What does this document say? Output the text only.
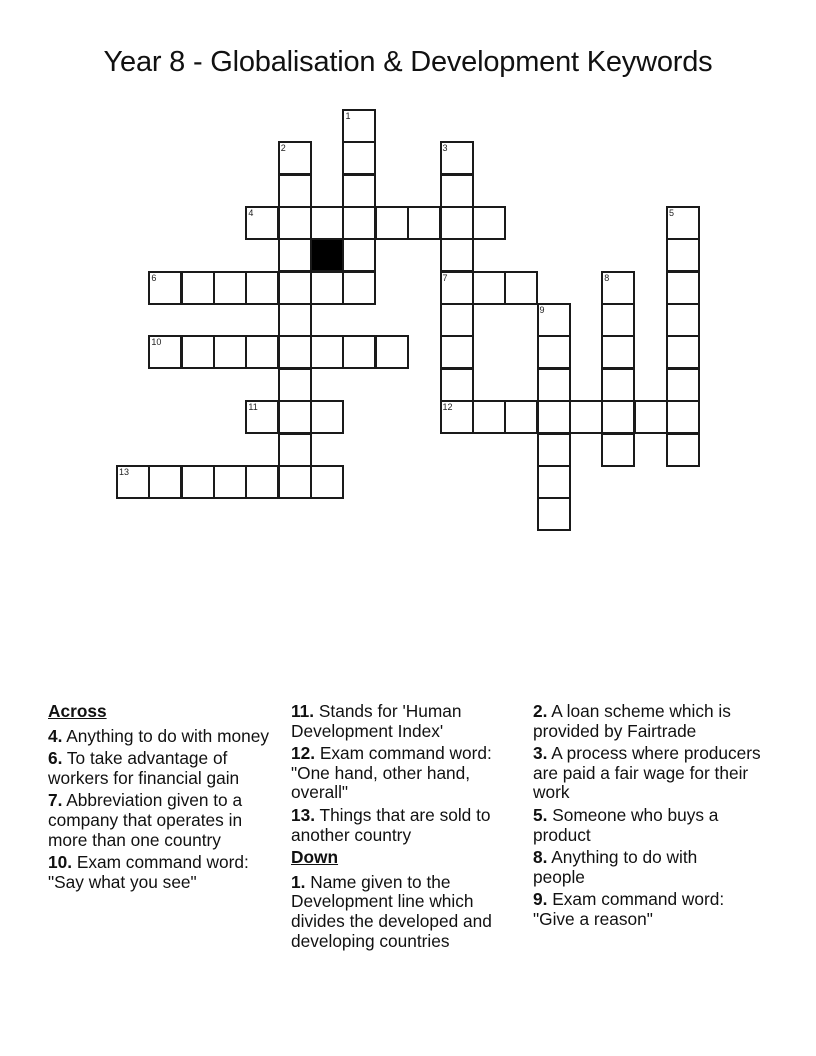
Year 8 - Globalisation & Development Keywords
1
2	3
4	5
6	7	8
9
10
11	12
13
Across
4. Anything to do with money
6. To take advantage of workers for financial gain
7. Abbreviation given to a company that operates in more than one country
10. Exam command word: "Say what you see"
11. Stands for 'Human Development Index'
12. Exam command word: "One hand, other hand, overall"
13. Things that are sold to another country
Down
1. Name given to the Development line which divides the developed and developing countries
2. A loan scheme which is provided by Fairtrade
3. A process where producers are paid a fair wage for their work
5. Someone who buys a product
8. Anything to do with people
9. Exam command word: "Give a reason"
